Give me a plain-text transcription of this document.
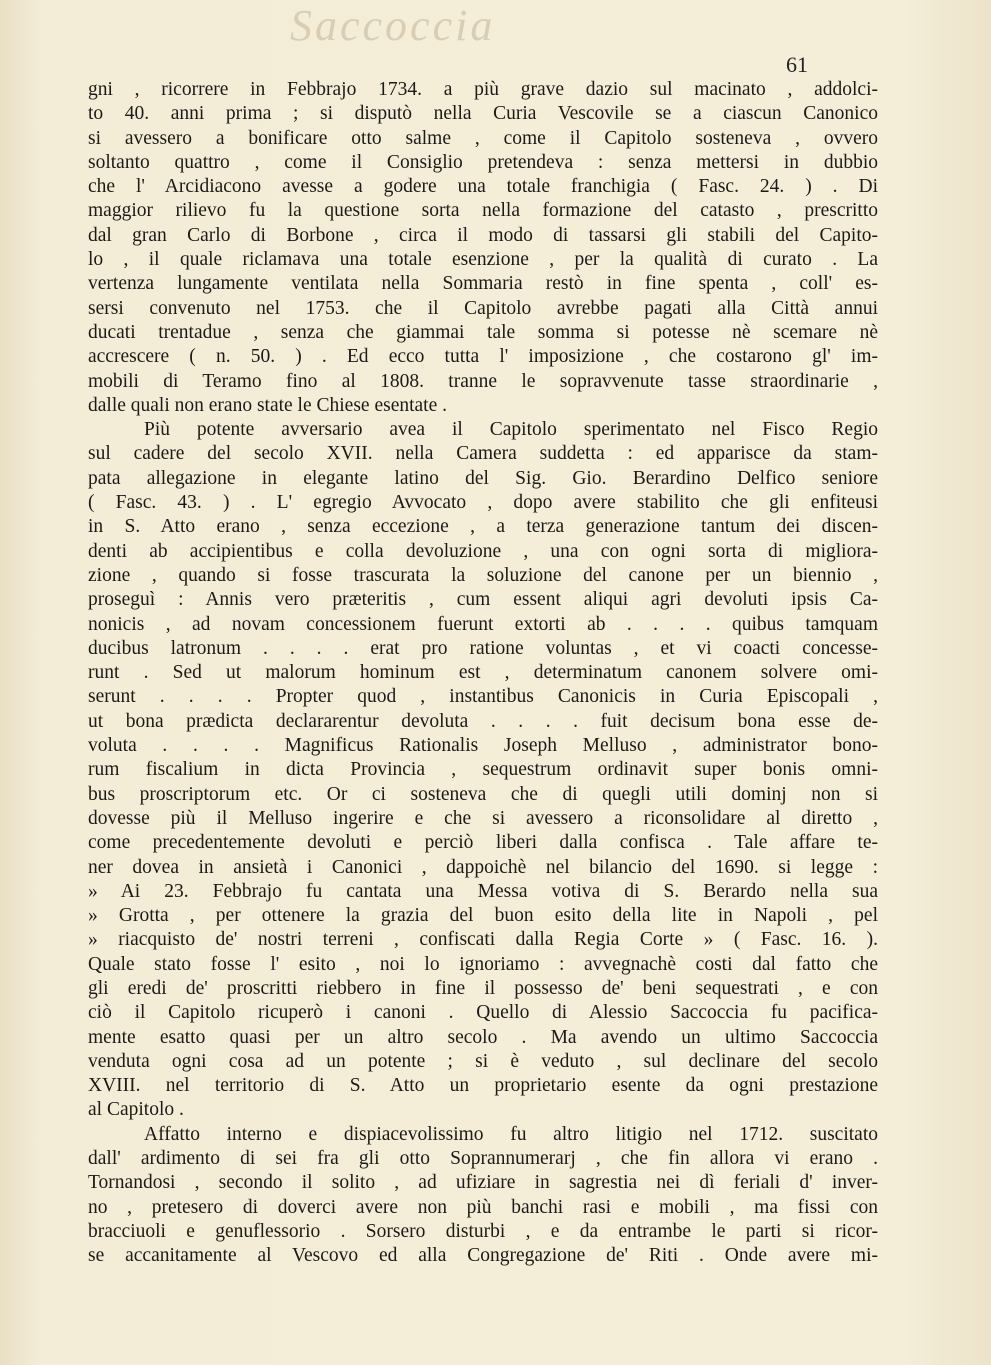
Saccoccia
61
gni , ricorrere in Febbrajo 1734. a più grave dazio sul macinato , addolci-
to 40. anni prima ; si disputò nella Curia Vescovile se a ciascun Canonico
si avessero a bonificare otto salme , come il Capitolo sosteneva , ovvero
soltanto quattro , come il Consiglio pretendeva : senza mettersi in dubbio
che l' Arcidiacono avesse a godere una totale franchigia ( Fasc. 24. ) . Di
maggior rilievo fu la questione sorta nella formazione del catasto , prescritto
dal gran Carlo di Borbone , circa il modo di tassarsi gli stabili del Capito-
lo , il quale riclamava una totale esenzione , per la qualità di curato . La
vertenza lungamente ventilata nella Sommaria restò in fine spenta , coll' es-
sersi convenuto nel 1753. che il Capitolo avrebbe pagati alla Città annui
ducati trentadue , senza che giammai tale somma si potesse nè scemare nè
accrescere ( n. 50. ) . Ed ecco tutta l' imposizione , che costarono gl' im-
mobili di Teramo fino al 1808. tranne le sopravvenute tasse straordinarie ,
dalle quali non erano state le Chiese esentate .
Più potente avversario avea il Capitolo sperimentato nel Fisco Regio
sul cadere del secolo XVII. nella Camera suddetta : ed apparisce da stam-
pata allegazione in elegante latino del Sig. Gio. Berardino Delfico seniore
( Fasc. 43. ) . L' egregio Avvocato , dopo avere stabilito che gli enfiteusi
in S. Atto erano , senza eccezione , a terza generazione tantum dei discen-
denti ab accipientibus e colla devoluzione , una con ogni sorta di migliora-
zione , quando si fosse trascurata la soluzione del canone per un biennio ,
proseguì : Annis vero præteritis , cum essent aliqui agri devoluti ipsis Ca-
nonicis , ad novam concessionem fuerunt extorti ab . . . . quibus tamquam
ducibus latronum . . . . erat pro ratione voluntas , et vi coacti concesse-
runt . Sed ut malorum hominum est , determinatum canonem solvere omi-
serunt . . . . Propter quod , instantibus Canonicis in Curia Episcopali ,
ut bona prædicta declararentur devoluta . . . . fuit decisum bona esse de-
voluta . . . . Magnificus Rationalis Joseph Melluso , administrator bono-
rum fiscalium in dicta Provincia , sequestrum ordinavit super bonis omni-
bus proscriptorum etc. Or ci sosteneva che di quegli utili dominj non si
dovesse più il Melluso ingerire e che si avessero a riconsolidare al diretto ,
come precedentemente devoluti e perciò liberi dalla confisca . Tale affare te-
ner dovea in ansietà i Canonici , dappoichè nel bilancio del 1690. si legge :
» Ai 23. Febbrajo fu cantata una Messa votiva di S. Berardo nella sua
» Grotta , per ottenere la grazia del buon esito della lite in Napoli , pel
» riacquisto de' nostri terreni , confiscati dalla Regia Corte » ( Fasc. 16. ).
Quale stato fosse l' esito , noi lo ignoriamo : avvegnachè costi dal fatto che
gli eredi de' proscritti riebbero in fine il possesso de' beni sequestrati , e con
ciò il Capitolo ricuperò i canoni . Quello di Alessio Saccoccia fu pacifica-
mente esatto quasi per un altro secolo . Ma avendo un ultimo Saccoccia
venduta ogni cosa ad un potente ; si è veduto , sul declinare del secolo
XVIII. nel territorio di S. Atto un proprietario esente da ogni prestazione
al Capitolo .
Affatto interno e dispiacevolissimo fu altro litigio nel 1712. suscitato
dall' ardimento di sei fra gli otto Soprannumerarj , che fin allora vi erano .
Tornandosi , secondo il solito , ad ufiziare in sagrestia nei dì feriali d' inver-
no , pretesero di doverci avere non più banchi rasi e mobili , ma fissi con
bracciuoli e genuflessorio . Sorsero disturbi , e da entrambe le parti si ricor-
se accanitamente al Vescovo ed alla Congregazione de' Riti . Onde avere mi-
